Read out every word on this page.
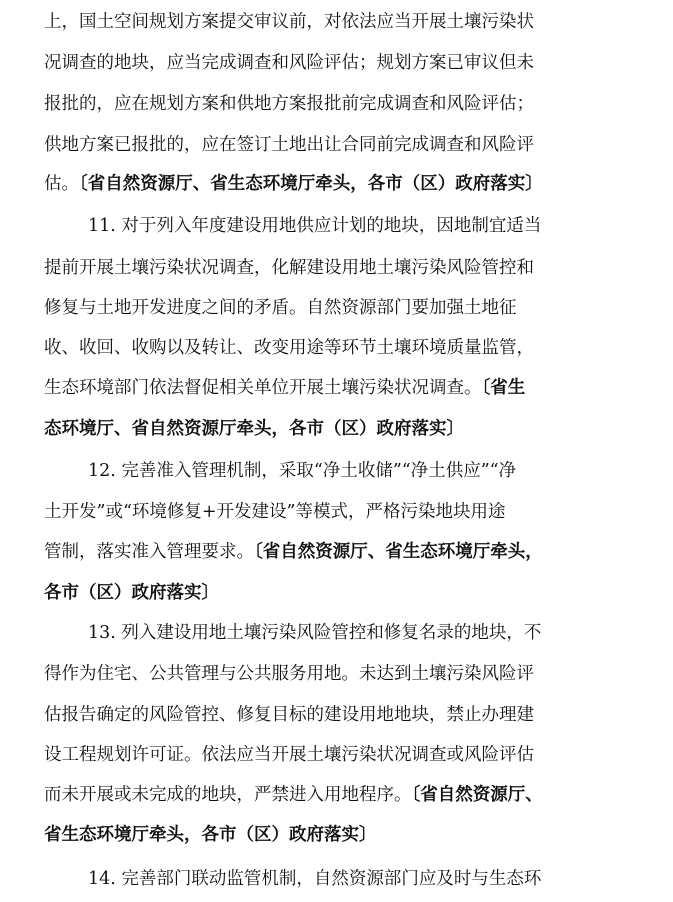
上，国土空间规划方案提交审议前，对依法应当开展土壤污染状
况调查的地块，应当完成调查和风险评估；规划方案已审议但未
报批的，应在规划方案和供地方案报批前完成调查和风险评估；
供地方案已报批的，应在签订土地出让合同前完成调查和风险评
估。〔省自然资源厅、省生态环境厅牵头，各市（区）政府落实〕
11. 对于列入年度建设用地供应计划的地块，因地制宜适当
提前开展土壤污染状况调查，化解建设用地土壤污染风险管控和
修复与土地开发进度之间的矛盾。自然资源部门要加强土地征
收、收回、收购以及转让、改变用途等环节土壤环境质量监管，
生态环境部门依法督促相关单位开展土壤污染状况调查。〔省生
态环境厅、省自然资源厅牵头，各市（区）政府落实〕
12. 完善准入管理机制，采取“净土收储”“净土供应”“净
土开发”或“环境修复+开发建设”等模式，严格污染地块用途
管制，落实准入管理要求。〔省自然资源厅、省生态环境厅牵头，
各市（区）政府落实〕
13. 列入建设用地土壤污染风险管控和修复名录的地块，不
得作为住宅、公共管理与公共服务用地。未达到土壤污染风险评
估报告确定的风险管控、修复目标的建设用地地块，禁止办理建
设工程规划许可证。依法应当开展土壤污染状况调查或风险评估
而未开展或未完成的地块，严禁进入用地程序。〔省自然资源厅、
省生态环境厅牵头，各市（区）政府落实〕
14. 完善部门联动监管机制，自然资源部门应及时与生态环
